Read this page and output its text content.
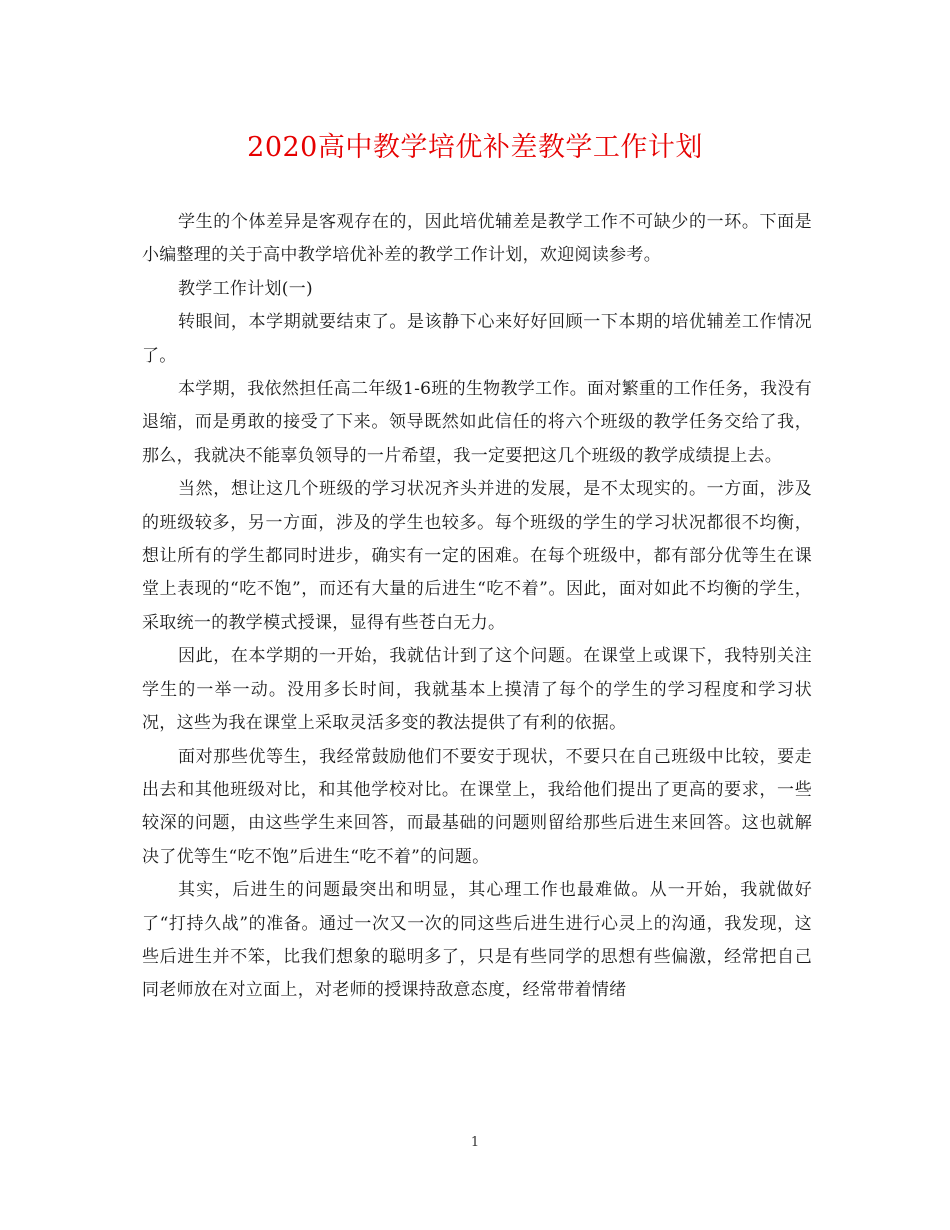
2020高中教学培优补差教学工作计划

学生的个体差异是客观存在的，因此培优辅差是教学工作不可缺少的一环。下面是小编整理的关于高中教学培优补差的教学工作计划，欢迎阅读参考。

教学工作计划(一)

转眼间，本学期就要结束了。是该静下心来好好回顾一下本期的培优辅差工作情况了。

本学期，我依然担任高二年级1-6班的生物教学工作。面对繁重的工作任务，我没有退缩，而是勇敢的接受了下来。领导既然如此信任的将六个班级的教学任务交给了我，那么，我就决不能辜负领导的一片希望，我一定要把这几个班级的教学成绩提上去。

当然，想让这几个班级的学习状况齐头并进的发展，是不太现实的。一方面，涉及的班级较多，另一方面，涉及的学生也较多。每个班级的学生的学习状况都很不均衡，想让所有的学生都同时进步，确实有一定的困难。在每个班级中，都有部分优等生在课堂上表现的“吃不饱”，而还有大量的后进生“吃不着”。因此，面对如此不均衡的学生，采取统一的教学模式授课，显得有些苍白无力。

因此，在本学期的一开始，我就估计到了这个问题。在课堂上或课下，我特别关注学生的一举一动。没用多长时间，我就基本上摸清了每个的学生的学习程度和学习状况，这些为我在课堂上采取灵活多变的教法提供了有利的依据。

面对那些优等生，我经常鼓励他们不要安于现状，不要只在自己班级中比较，要走出去和其他班级对比，和其他学校对比。在课堂上，我给他们提出了更高的要求，一些较深的问题，由这些学生来回答，而最基础的问题则留给那些后进生来回答。这也就解决了优等生“吃不饱”后进生“吃不着”的问题。

其实，后进生的问题最突出和明显，其心理工作也最难做。从一开始，我就做好了“打持久战”的准备。通过一次又一次的同这些后进生进行心灵上的沟通，我发现，这些后进生并不笨，比我们想象的聪明多了，只是有些同学的思想有些偏激，经常把自己同老师放在对立面上，对老师的授课持敌意态度，经常带着情绪

1
